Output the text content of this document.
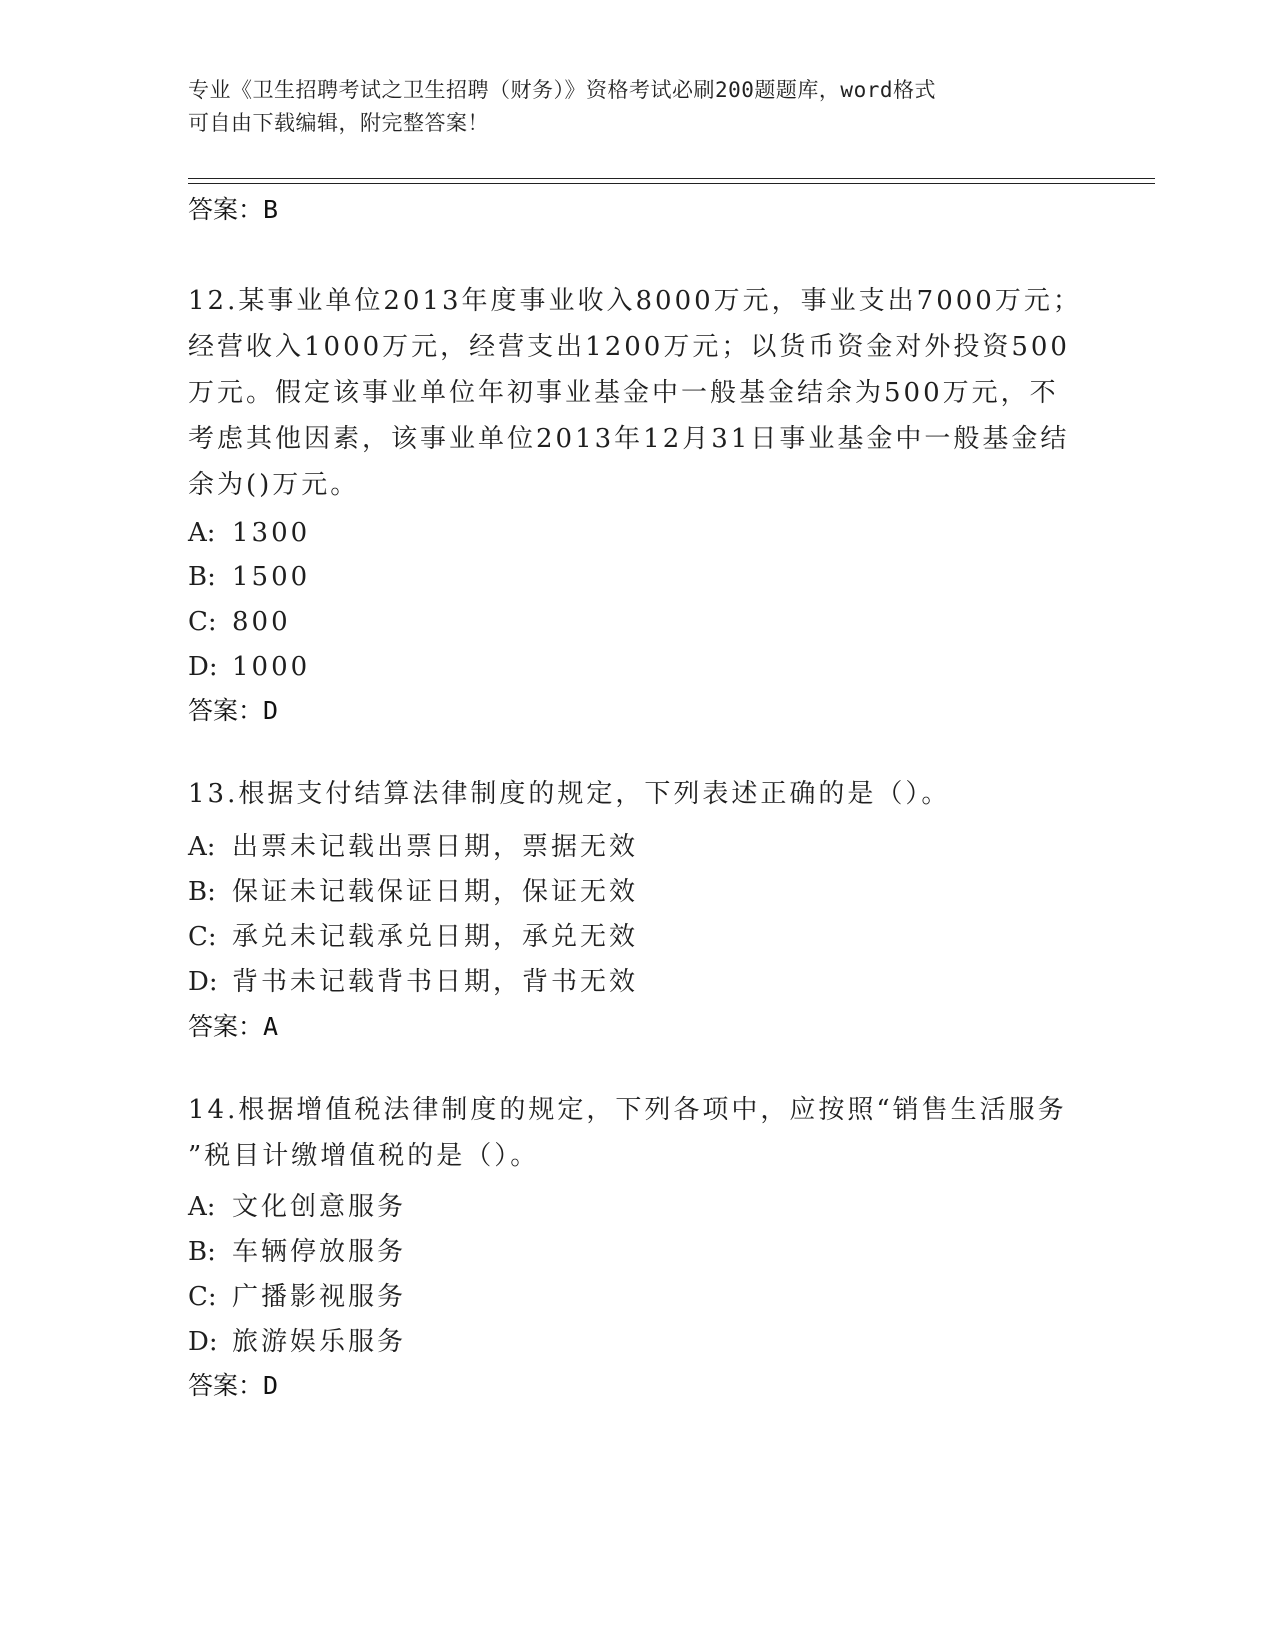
专业《卫生招聘考试之卫生招聘（财务）》资格考试必刷200题题库，word格式
可自由下载编辑，附完整答案！
答案：B
12.某事业单位2013年度事业收入8000万元，事业支出7000万元；
经营收入1000万元，经营支出1200万元；以货币资金对外投资500
万元。假定该事业单位年初事业基金中一般基金结余为500万元，不
考虑其他因素，该事业单位2013年12月31日事业基金中一般基金结
余为()万元。
A: 1300
B: 1500
C: 800
D: 1000
答案：D
13.根据支付结算法律制度的规定，下列表述正确的是（）。
A: 出票未记载出票日期，票据无效
B: 保证未记载保证日期，保证无效
C: 承兑未记载承兑日期，承兑无效
D: 背书未记载背书日期，背书无效
答案：A
14.根据增值税法律制度的规定，下列各项中，应按照“销售生活服务
”税目计缴增值税的是（）。
A: 文化创意服务
B: 车辆停放服务
C: 广播影视服务
D: 旅游娱乐服务
答案：D
